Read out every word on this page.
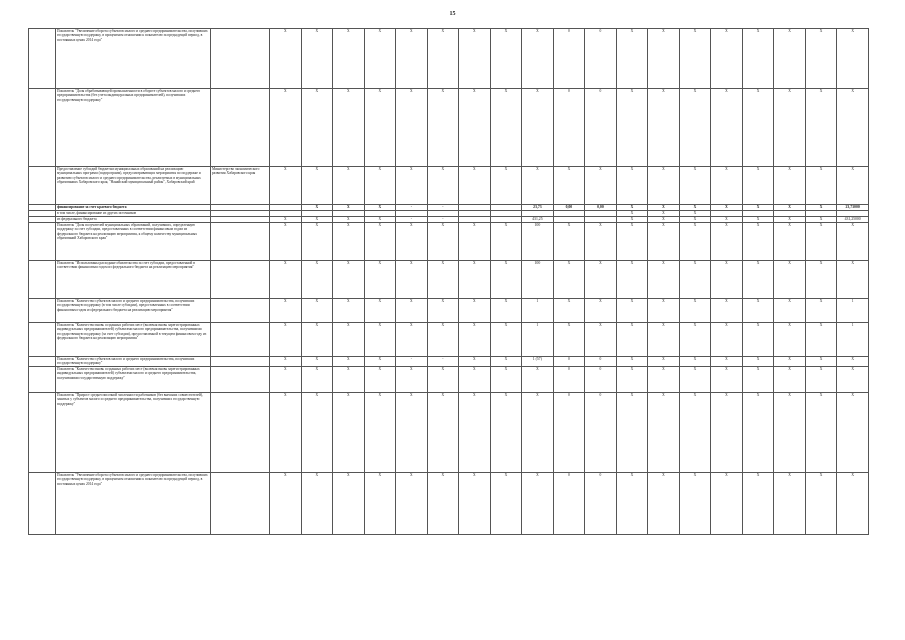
15
	Показатель "Увеличение оборота субъектов малого и среднего предпринимательства, получивших государственную поддержку, в процентном отношении к показателю за предыдущий период, в постоянных ценах 2014 года"		X	X	X	X	X	X	X	X	X	0	0	X	X	X	X	X	X	X	X
	Показатель "Доля обрабатывающей промышленности в обороте субъектов малого и среднего предпринимательства (без учета индивидуальных предпринимателей), получивших государственную поддержку"		X	X	X	X	X	X	X	X	X	0	0	X	X	X	X	X	X	X	X
	Предоставление субсидий бюджетам муниципальных образований на реализацию муниципальных программ (подпрограмм), предусматривающих мероприятия по поддержке и развитию субъектов малого и среднего предпринимательства, реализуемых в муниципальных образованиях Хабаровского края, "Нанайский муниципальный район", Хабаровский край	Министерство экономического развития Хабаровского края	X	X	X	X	X	X	X	X	X	X	X	X	X	X	X	X	X	X	X
	финансирование за счет краевого бюджета			X	X	X	-	-			23,73	0,00	0,00	X	X	X	X	X	X	X	23,73000
	в том числе, финансирование из других источников													X	X	X					
	из федерального бюджета		X	X	X	X	-	-			431,25			X	X	X	X	X	X	X	431,25000
	Показатель "Доля получателей муниципальных образований, получивших, определенную поддержку за счет субсидии, предоставленных в соответствии финансовым годом из федерального бюджета на реализацию мероприятия, к общему количеству муниципальных образований Хабаровского края"		X	X	X	X	X	X	X	X	100	X	X	X	X	X	X	X	X	X	X
	Показатель "Использованы расходные обязательства за счет субсидии, предоставленной в соответствии финансовым годом из федерального бюджета на реализацию мероприятия"		X	X	X	X	X	X	X	X	100	X	X	X	X	X	X	X	X	X	X
	Показатель "Количество субъектов малого и среднего предпринимательства, получивших государственную поддержку (в том числе субсидии), предоставленных в соответствии финансовым годом из федерального бюджета на реализацию мероприятия"		X	X	X	X	X	X	X	X	1	X	X	X	X	X	X	X	X	X	1
	Показатель "Количество вновь созданных рабочих мест (включая вновь зарегистрированных индивидуальных предпринимателей) субъектами малого предпринимательства, получившими государственную поддержку (за счет субсидии), предоставленной в текущем финансовом году из федерального бюджета на реализацию мероприятия"		X	X	X	X	X	X	X	X	1	X	X	X	X	X	X	X	X	X	1
	Показатель "Количество субъектов малого и среднего предпринимательства, получивших государственную поддержку"		X	X	X	X	-	-	X	X	1 (57)	0	0	X	X	X	X	X	X	X	X
	Показатель "Количество вновь созданных рабочих мест (включая вновь зарегистрированных индивидуальных предпринимателей) субъектами малого и среднего предпринимательства, получившими государственную поддержку"		X	X	X	X	X	X	X	X	X	0	0	X	X	X	X	X	X	X	X
	Показатель "Прирост среднесписочной численности работников (без внешних совместителей), занятых у субъектов малого и среднего предпринимательства, получивших государственную поддержку"		X	X	X	X	X	X	X	X	X	0	0	X	X	X	X	X	X	X	X
	Показатель "Увеличение оборота субъектов малого и среднего предпринимательства, получивших государственную поддержку, в процентном отношении к показателю за предыдущий период, в постоянных ценах 2014 года"		X	X	X	X	X	X	X	X	X	0	0	X	X	X	X	X	X	X	X
